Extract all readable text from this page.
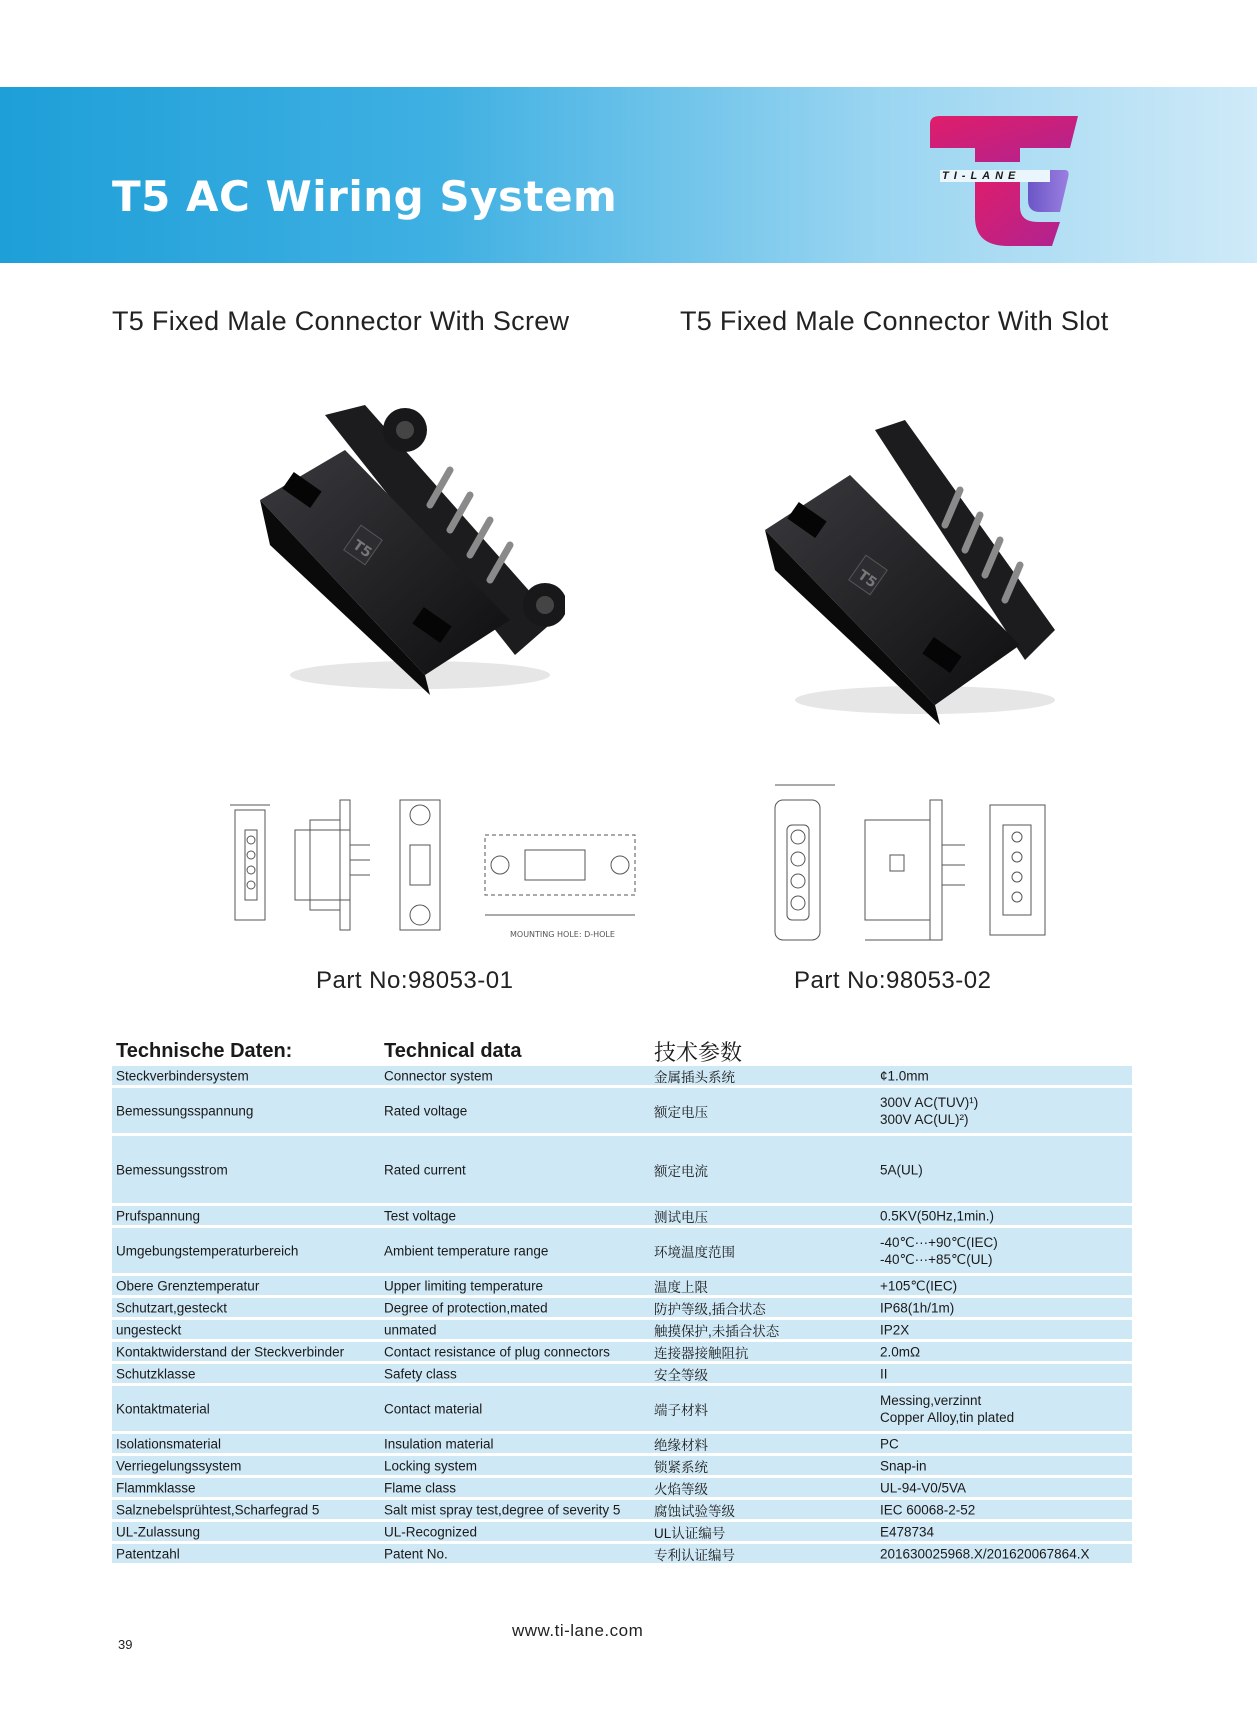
T5 AC Wiring System	TI-LANE
T5 Fixed Male Connector With Screw	T5 Fixed Male Connector With Slot
T5
T5
MOUNTING HOLE: D-HOLE
Part No:98053-01	Part No:98053-02
Technische Daten:	Technical data	技术参数
Steckverbindersystem	Connector system	金属插头系统	¢1.0mm
Bemessungsspannung	Rated voltage	额定电压
300V AC(TUV)¹)
300V AC(UL)²)
Bemessungsstrom	Rated current	额定电流	5A(UL)
Prufspannung	Test voltage	测试电压	0.5KV(50Hz,1min.)
Umgebungstemperaturbereich	Ambient temperature range	环境温度范围
-40℃···+90℃(IEC)
-40℃···+85℃(UL)
Obere Grenztemperatur	Upper limiting temperature	温度上限	+105℃(IEC)
Schutzart,gesteckt	Degree of protection,mated	防护等级,插合状态	IP68(1h/1m)
ungesteckt	unmated	触摸保护,未插合状态	IP2X
Kontaktwiderstand der Steckverbinder	Contact resistance of plug connectors	连接器接触阻抗	2.0mΩ
Schutzklasse	Safety class	安全等级	II
Kontaktmaterial	Contact material	端子材料
Messing,verzinnt
Copper Alloy,tin plated
Isolationsmaterial	Insulation material	绝缘材料	PC
Verriegelungssystem	Locking system	锁紧系统	Snap-in
Flammklasse	Flame class	火焰等级	UL-94-V0/5VA
Salznebelsprühtest,Scharfegrad 5	Salt mist spray test,degree of severity 5 腐蚀试验等级	IEC 60068-2-52
UL-Zulassung	UL-Recognized	UL认证编号	E478734
Patentzahl	Patent No.	专利认证编号	201630025968.X/201620067864.X
www.ti-lane.com
39
